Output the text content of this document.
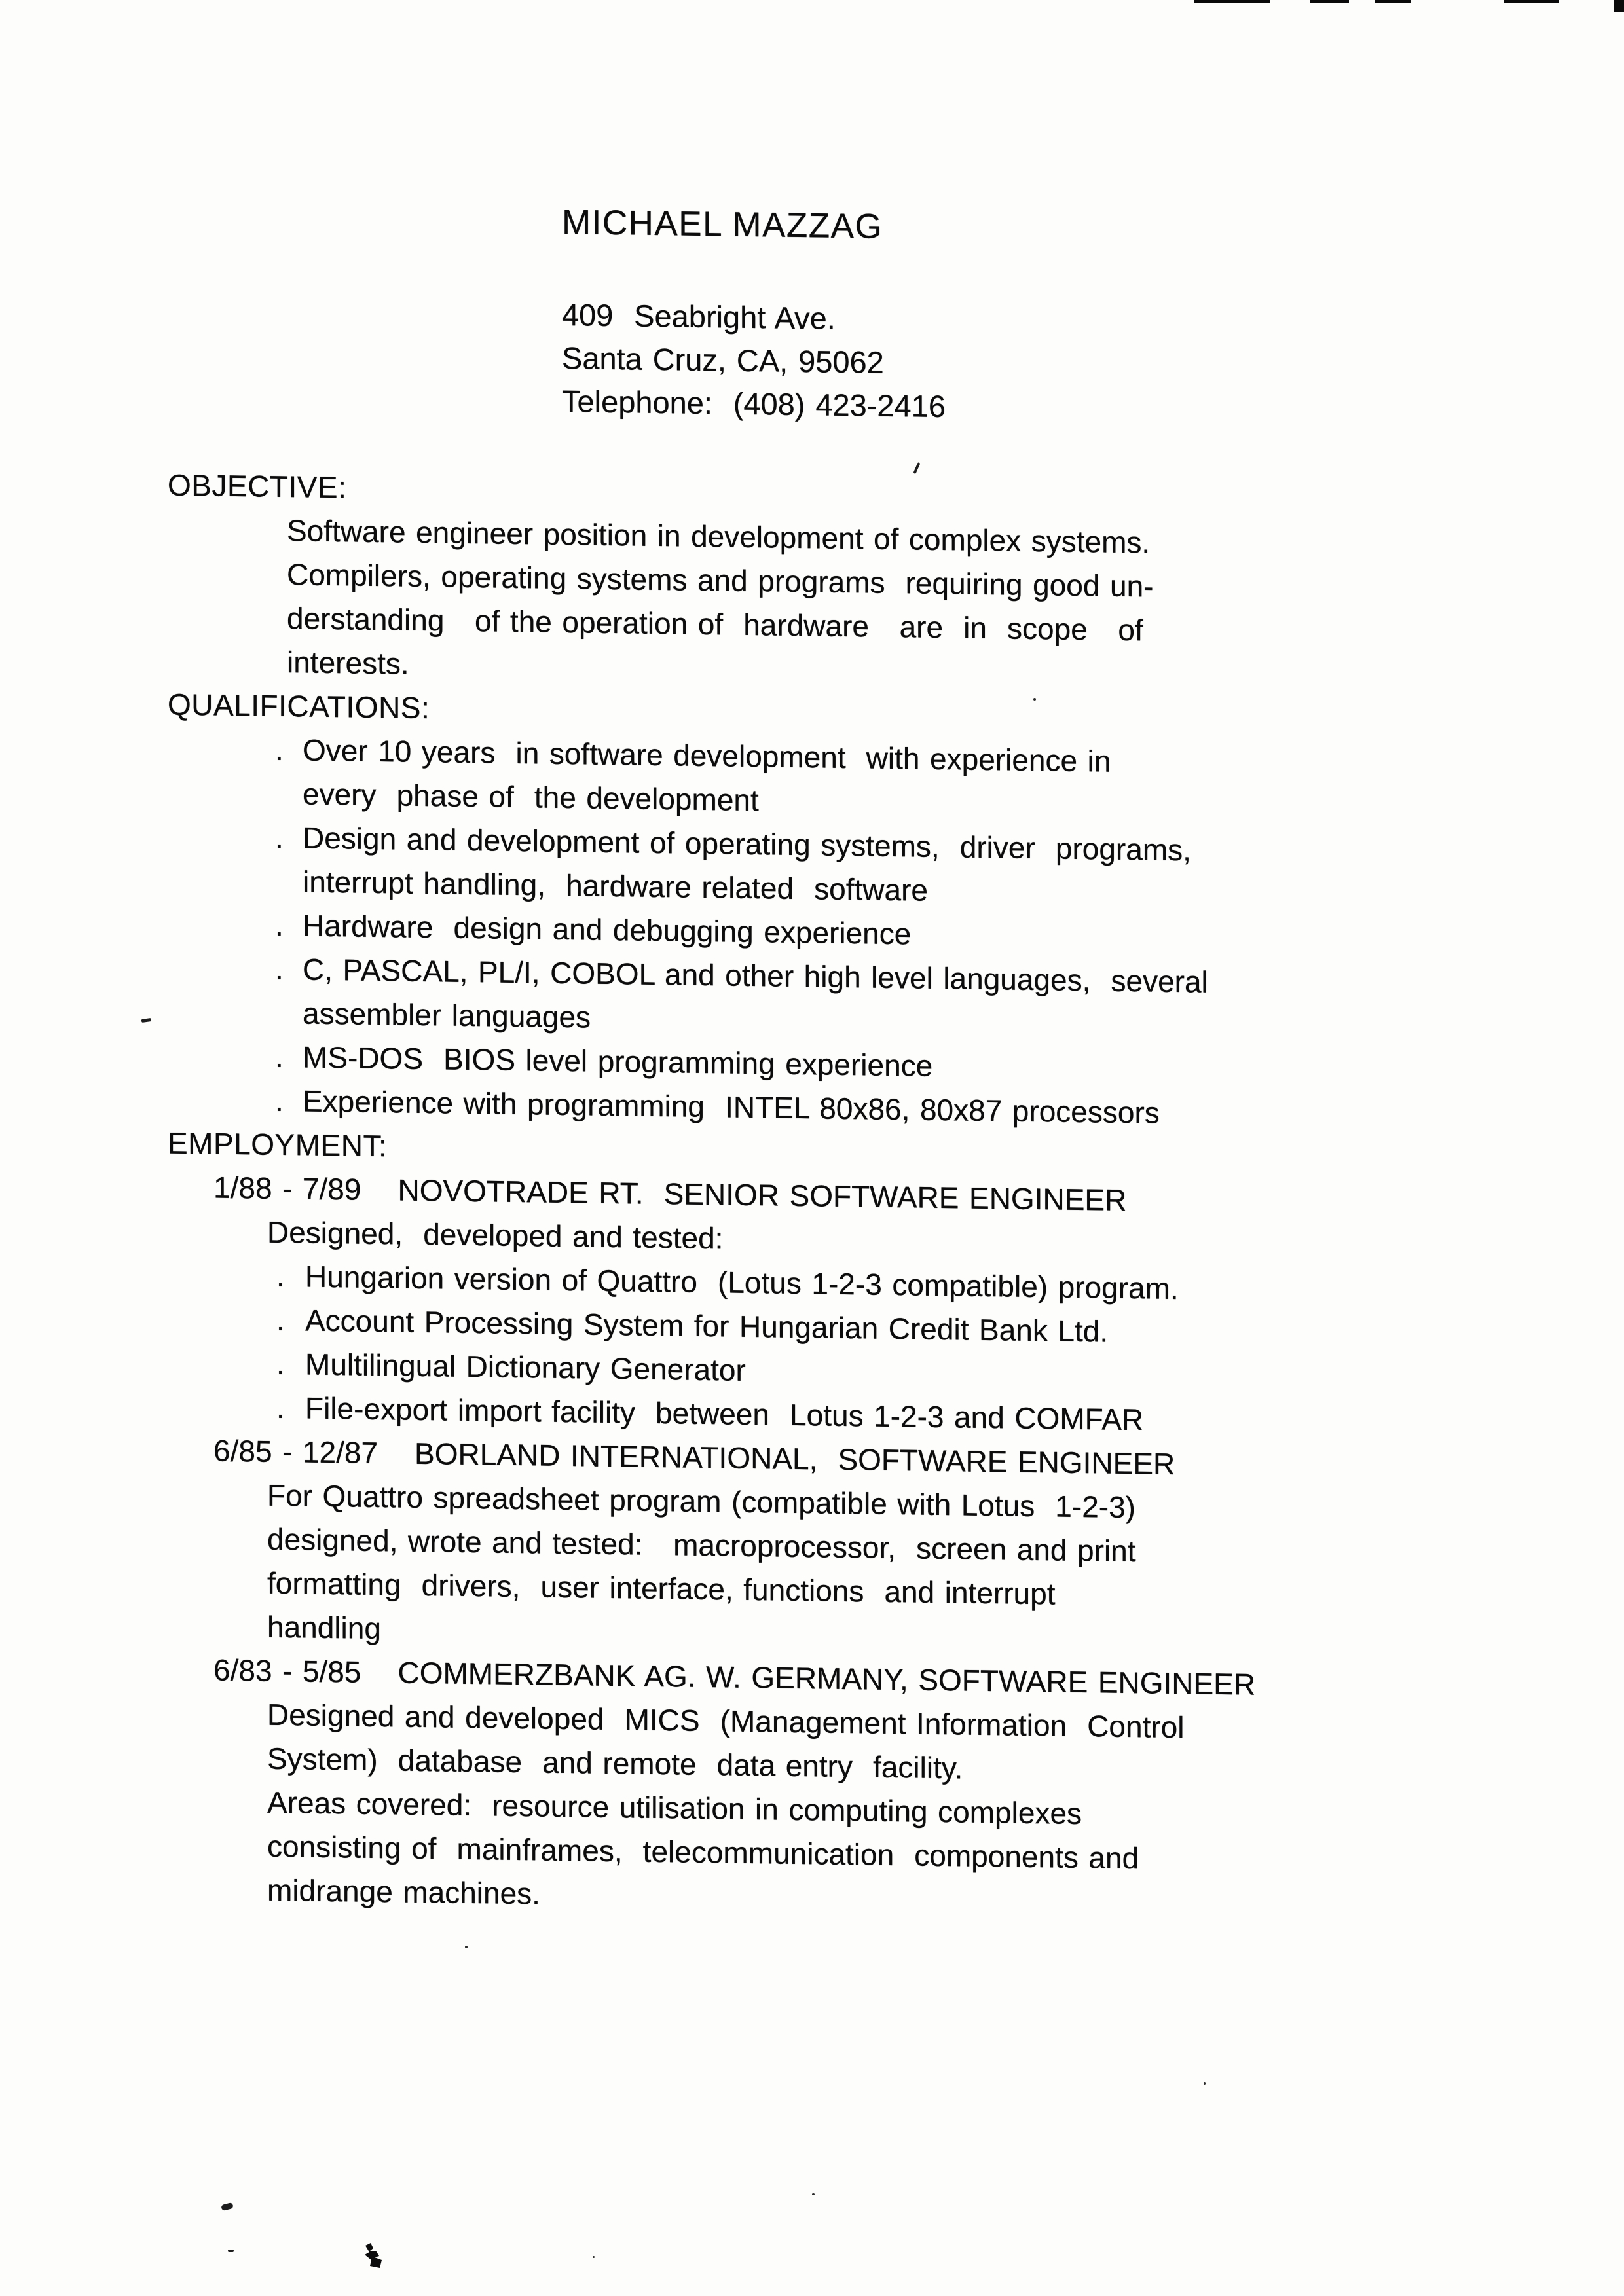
MICHAEL MAZZAG
409  Seabright Ave.
Santa Cruz, CA, 95062
Telephone:  (408) 423-2416
OBJECTIVE:
Software engineer position in development of complex systems.
Compilers, operating systems and programs  requiring good un-
derstanding   of the operation of  hardware   are  in  scope   of
interests.
QUALIFICATIONS:
. Over 10 years  in software development  with experience in
every  phase of  the development
. Design and development of operating systems,  driver  programs,
interrupt handling,  hardware related  software
. Hardware  design and debugging experience
. C, PASCAL, PL/I, COBOL and other high level languages,  several
assembler languages
. MS-DOS  BIOS level programming experience
. Experience with programming  INTEL 80x86, 80x87 processors
EMPLOYMENT:
1/88 - 7/89 NOVOTRADE RT.  SENIOR SOFTWARE ENGINEER
Designed,  developed and tested:
. Hungarion version of Quattro  (Lotus 1-2-3 compatible) program.
. Account Processing System for Hungarian Credit Bank Ltd.
. Multilingual Dictionary Generator
. File-export import facility  between  Lotus 1-2-3 and COMFAR
6/85 - 12/87 BORLAND INTERNATIONAL,  SOFTWARE ENGINEER
For Quattro spreadsheet program (compatible with Lotus  1-2-3)
designed, wrote and tested:   macroprocessor,  screen and print
formatting  drivers,  user interface, functions  and interrupt
handling
6/83 - 5/85 COMMERZBANK AG. W. GERMANY, SOFTWARE ENGINEER
Designed and developed  MICS  (Management Information  Control
System)  database  and remote  data entry  facility.
Areas covered:  resource utilisation in computing complexes
consisting of  mainframes,  telecommunication  components and
midrange machines.
